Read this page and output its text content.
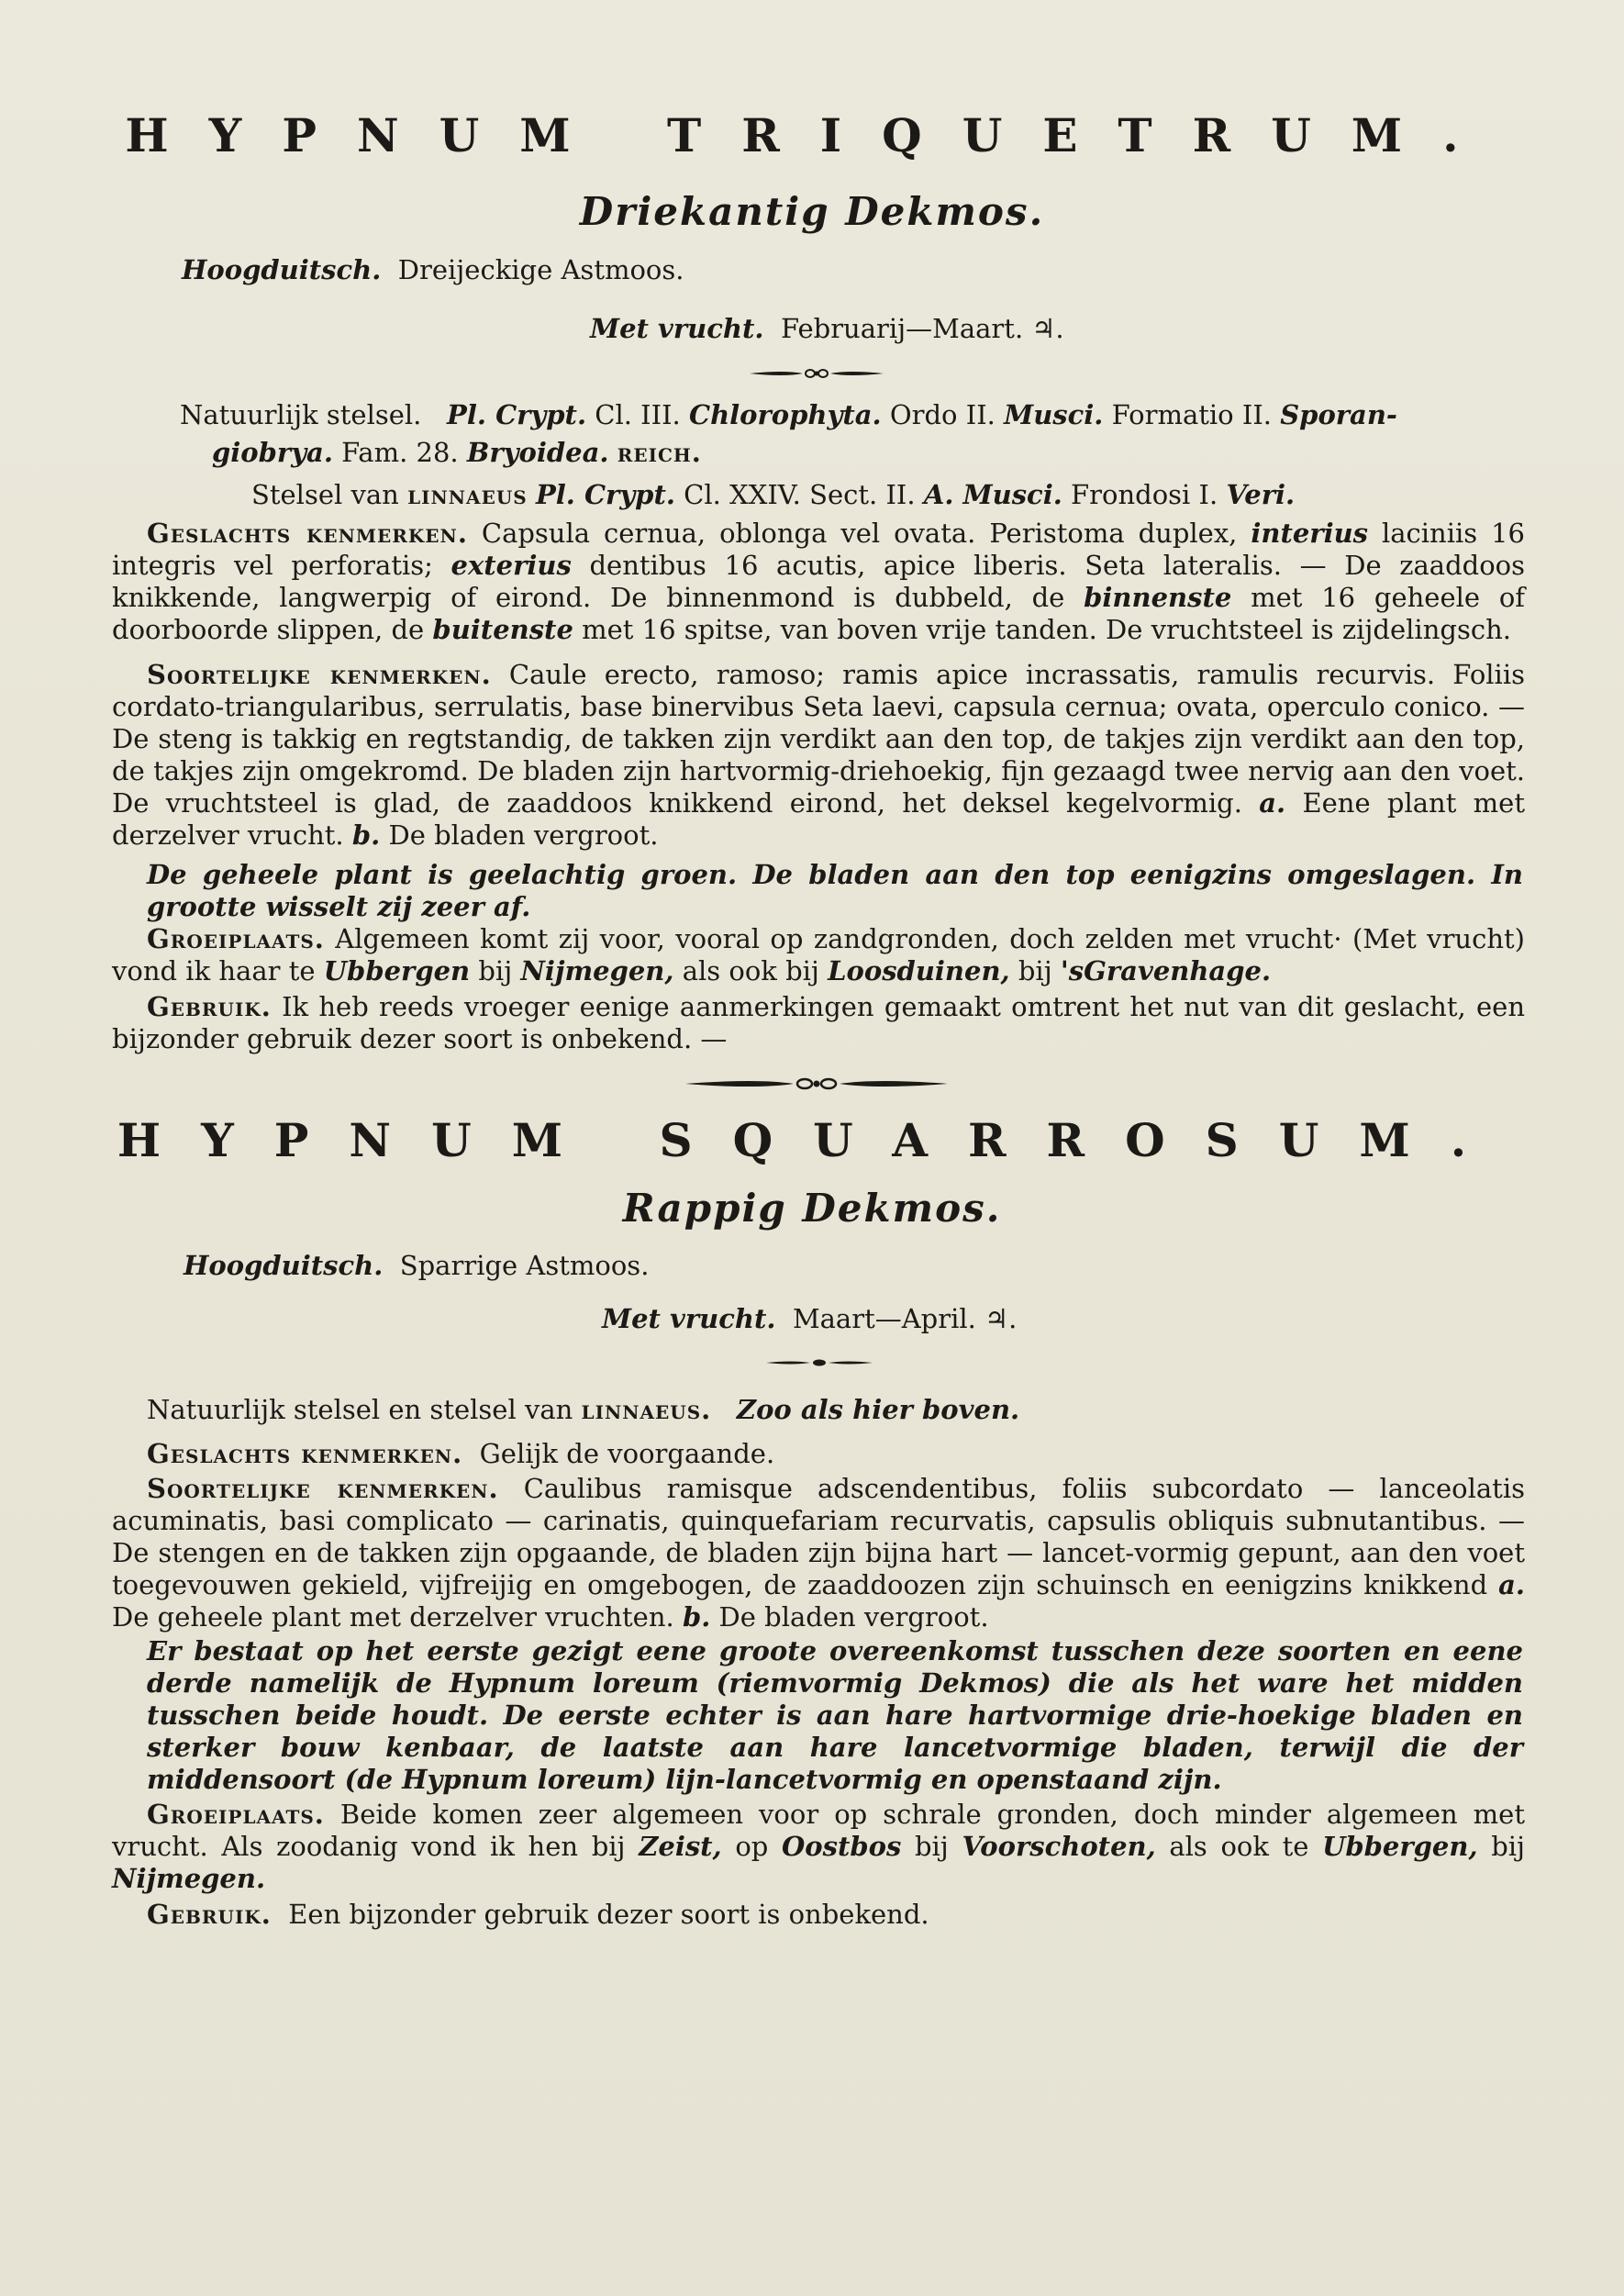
HYPNUM TRIQUETRUM.
Driekantig Dekmos.
Hoogduitsch. Dreijeckige Astmoos.
Met vrucht. Februarij—Maart. ♃.
Natuurlijk stelsel. Pl. Crypt. Cl. III. Chlorophyta. Ordo II. Musci. Formatio II. Sporan-
giobrya. Fam. 28. Bryoidea. reich.
Stelsel van linnaeus Pl. Crypt. Cl. XXIV. Sect. II. A. Musci. Frondosi I. Veri.
Geslachts kenmerken. Capsula cernua, oblonga vel ovata. Peristoma duplex, interius laciniis 16 integris vel perforatis; exterius dentibus 16 acutis, apice liberis. Seta lateralis. — De zaaddoos knikkende, langwerpig of eirond. De binnenmond is dubbeld, de binnenste met 16 geheele of doorboorde slippen, de buitenste met 16 spitse, van boven vrije tanden. De vruchtsteel is zijdelingsch.
Soortelijke kenmerken. Caule erecto, ramoso; ramis apice incrassatis, ramulis recurvis. Foliis cordato-triangularibus, serrulatis, base binervibus Seta laevi, capsula cernua; ovata, operculo conico. — De steng is takkig en regtstandig, de takken zijn verdikt aan den top, de takjes zijn verdikt aan den top, de takjes zijn omgekromd. De bladen zijn hartvormig-driehoekig, fijn gezaagd twee nervig aan den voet. De vruchtsteel is glad, de zaaddoos knikkend eirond, het deksel kegelvormig. a. Eene plant met derzelver vrucht. b. De bladen vergroot.
De geheele plant is geelachtig groen. De bladen aan den top eenigzins omgeslagen. In grootte wisselt zij zeer af.
Groeiplaats. Algemeen komt zij voor, vooral op zandgronden, doch zelden met vrucht· (Met vrucht) vond ik haar te Ubbergen bij Nijmegen, als ook bij Loosduinen, bij 'sGravenhage.
Gebruik. Ik heb reeds vroeger eenige aanmerkingen gemaakt omtrent het nut van dit geslacht, een bijzonder gebruik dezer soort is onbekend. —
HYPNUM SQUARROSUM.
Rappig Dekmos.
Hoogduitsch. Sparrige Astmoos.
Met vrucht. Maart—April. ♃.
Natuurlijk stelsel en stelsel van linnaeus. Zoo als hier boven.
Geslachts kenmerken. Gelijk de voorgaande.
Soortelijke kenmerken. Caulibus ramisque adscendentibus, foliis subcordato — lanceolatis acuminatis, basi complicato — carinatis, quinquefariam recurvatis, capsulis obliquis subnutantibus. — De stengen en de takken zijn opgaande, de bladen zijn bijna hart — lancet-vormig gepunt, aan den voet toegevouwen gekield, vijfreijig en omgebogen, de zaaddoozen zijn schuinsch en eenigzins knikkend a. De geheele plant met derzelver vruchten. b. De bladen vergroot.
Er bestaat op het eerste gezigt eene groote overeenkomst tusschen deze soorten en eene derde namelijk de Hypnum loreum (riemvormig Dekmos) die als het ware het midden tusschen beide houdt. De eerste echter is aan hare hartvormige drie-hoekige bladen en sterker bouw kenbaar, de laatste aan hare lancetvormige bladen, terwijl die der middensoort (de Hypnum loreum) lijn-lancetvormig en openstaand zijn.
Groeiplaats. Beide komen zeer algemeen voor op schrale gronden, doch minder algemeen met vrucht. Als zoodanig vond ik hen bij Zeist, op Oostbos bij Voorschoten, als ook te Ubbergen, bij Nijmegen.
Gebruik. Een bijzonder gebruik dezer soort is onbekend.
